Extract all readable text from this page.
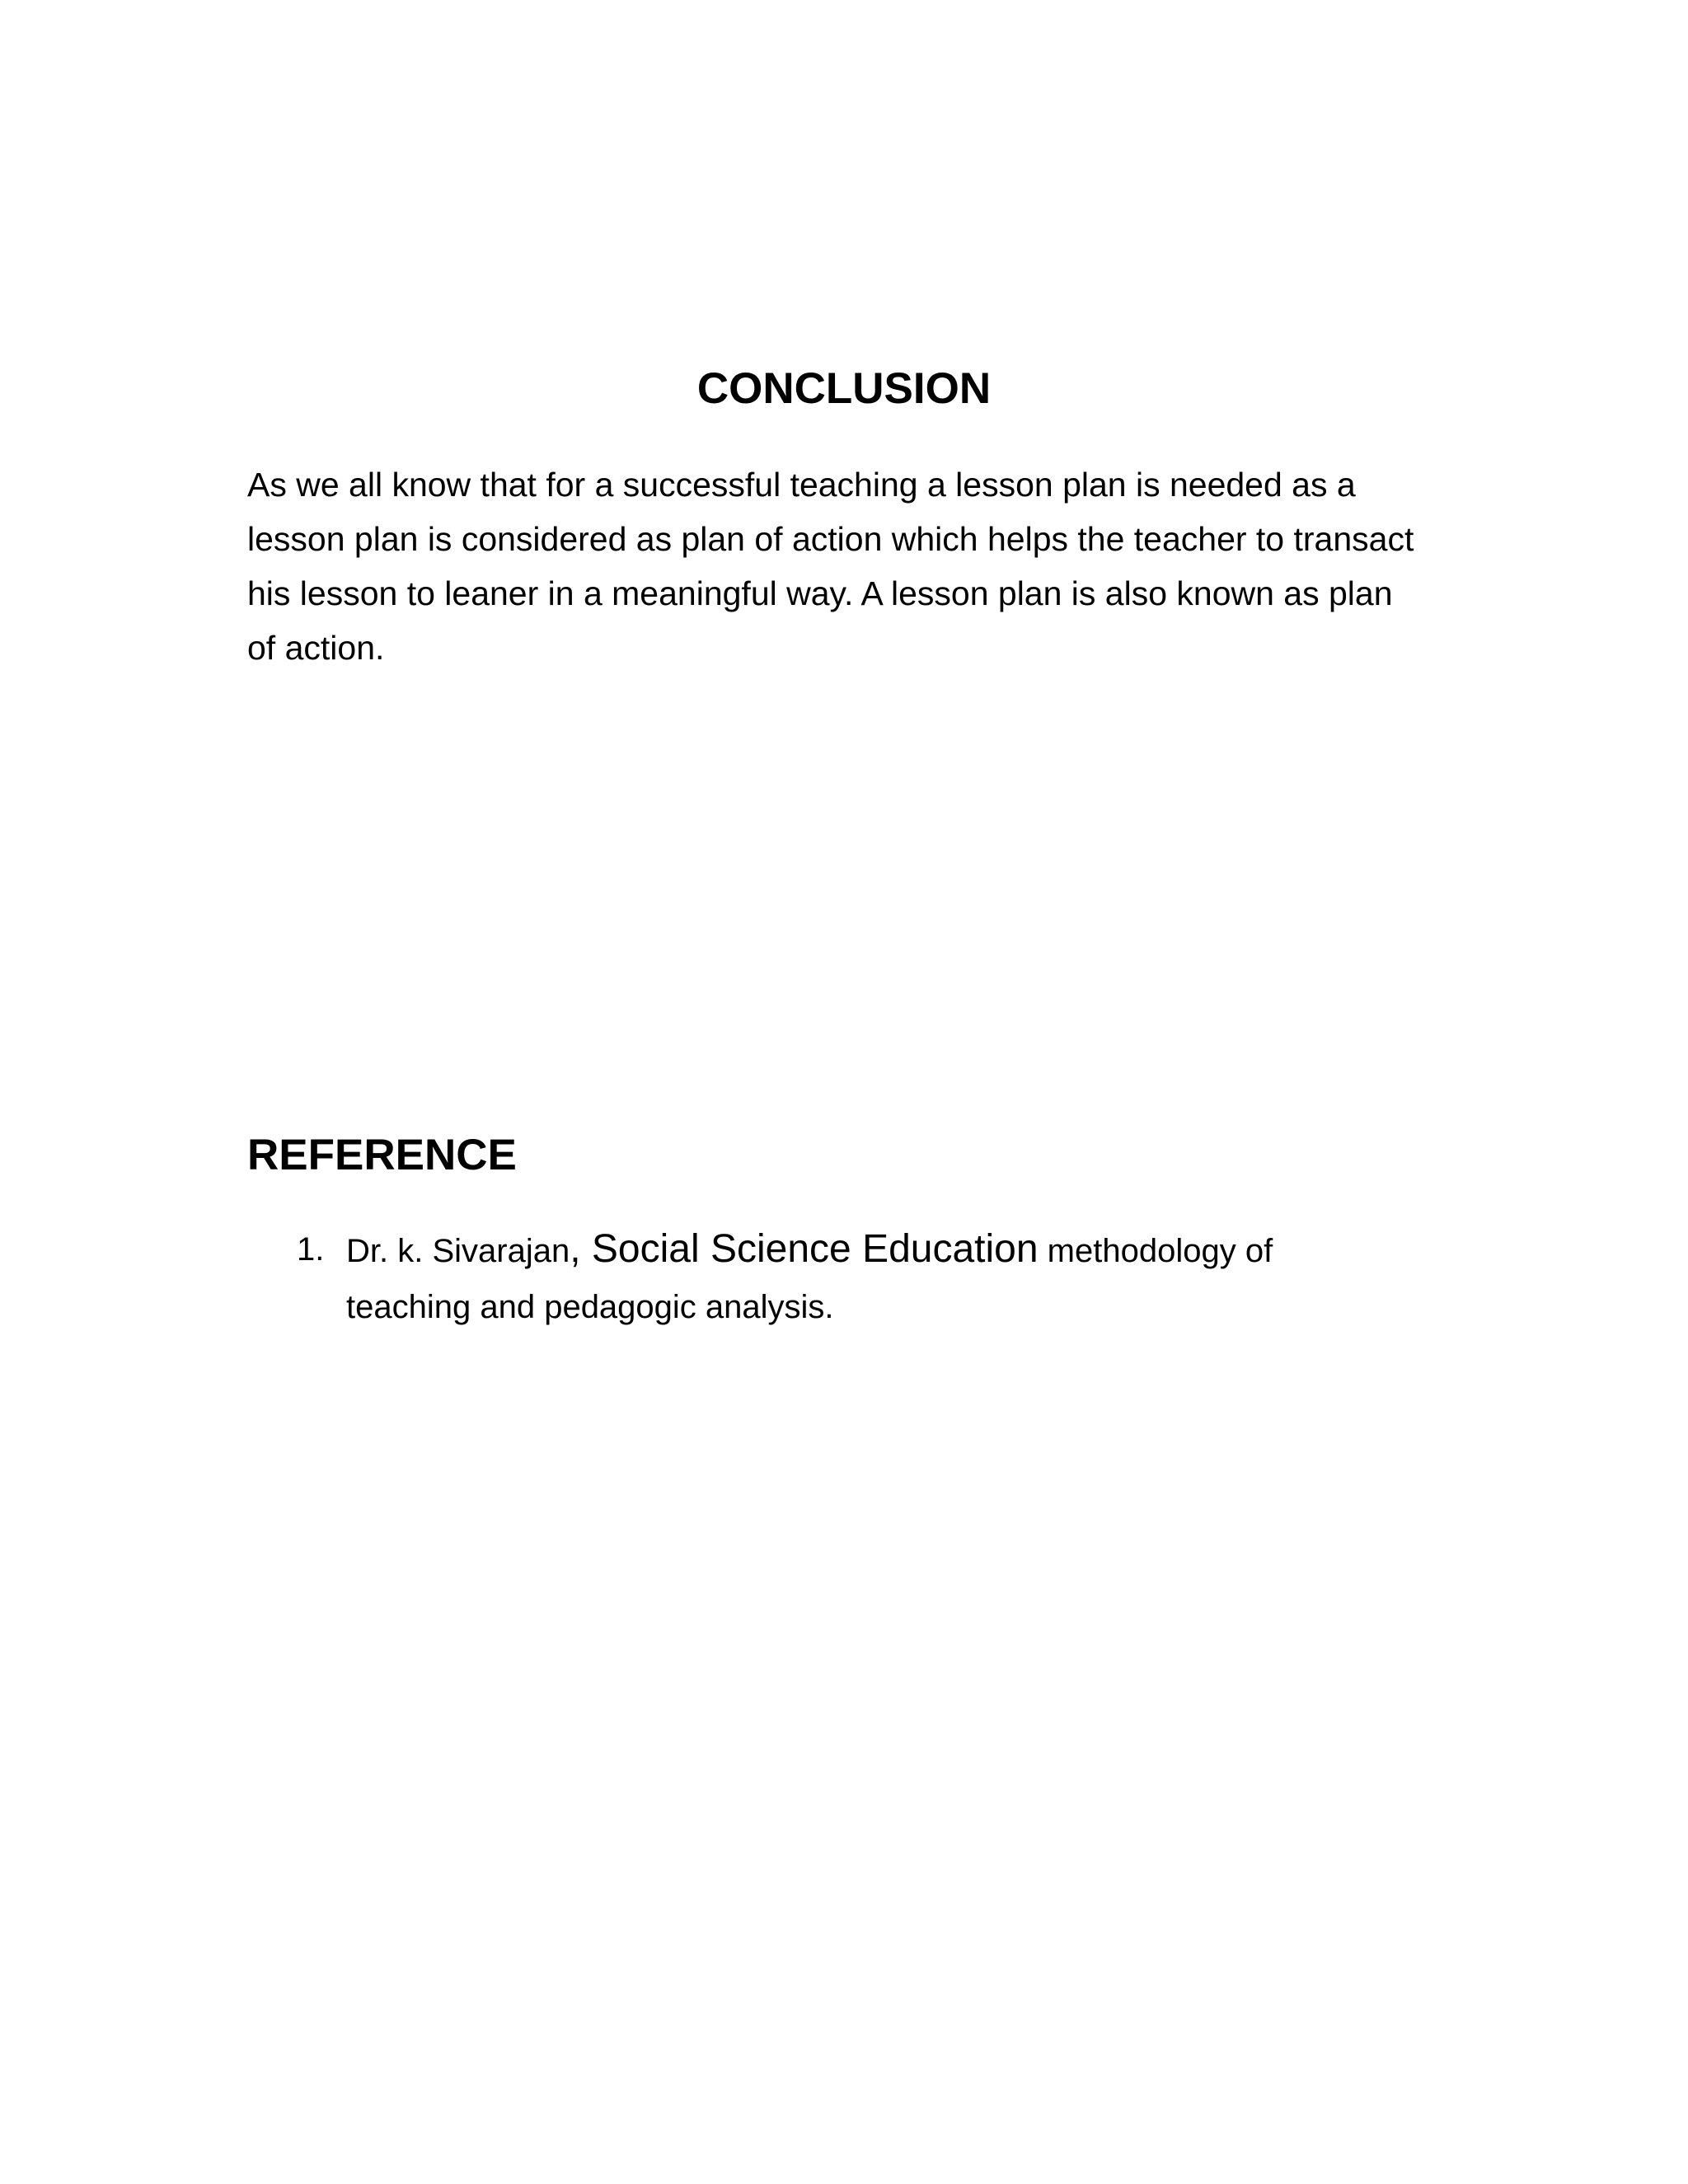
CONCLUSION

As we all know that for a successful teaching a lesson plan is needed as a lesson plan is considered as plan of action which helps the teacher to transact his lesson to leaner in a meaningful way. A lesson plan is also known as plan of action.

REFERENCE
1. Dr. k. Sivarajan, Social Science Education methodology of teaching and pedagogic analysis.
